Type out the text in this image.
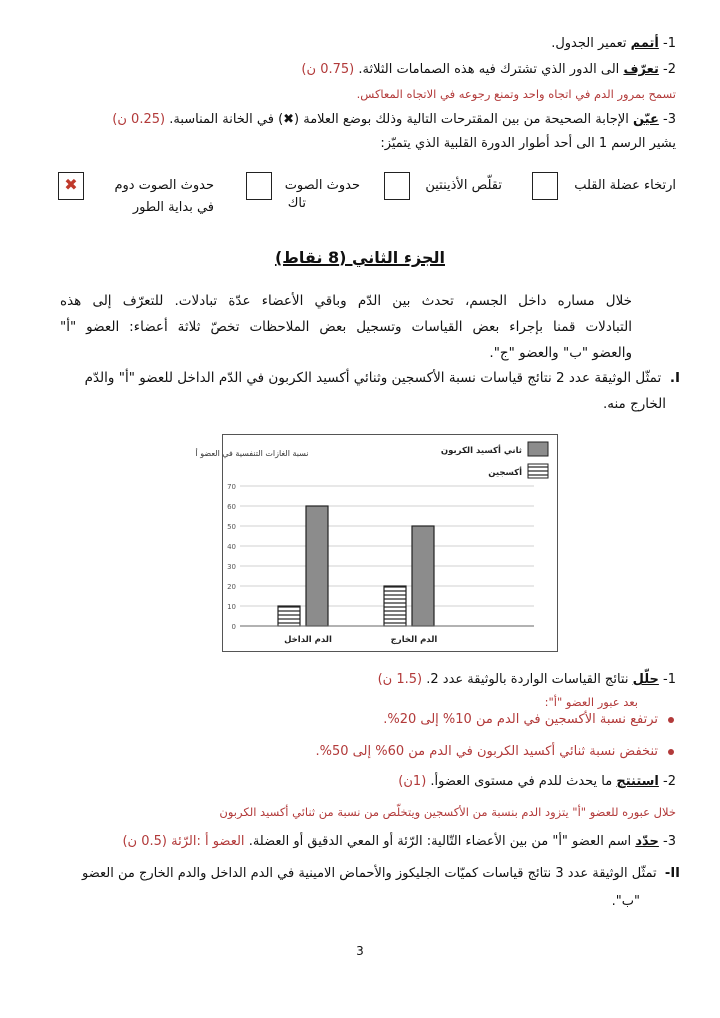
1- أتمم تعمير الجدول.
2- تعرّف الى الدور الذي تشترك فيه هذه الصمامات الثلاثة. (0.75 ن)
تسمح بمرور الدم في اتجاه واحد وتمنع رجوعه في الاتجاه المعاكس.
3- عيّن الإجابة الصحيحة من بين المقترحات التالية وذلك بوضع العلامة (✖) في الخانة المناسبة. (0.25 ن)
يشير الرسم 1 الى أحد أطوار الدورة القلبية الذي يتميّز:
ارتخاء عضلة القلب
تقلّص الأذينتين
حدوث الصوت
تاك
حدوث الصوت دوم
في بداية الطور
✖
الجزء الثاني (8 نقاط)
خلال مساره داخل الجسم، تحدث بين الدّم وباقي الأعضاء عدّة تبادلات. للتعرّف إلى هذه
التبادلات قمنا بإجراء بعض القياسات وتسجيل بعض الملاحظات تخصّ ثلاثة أعضاء: العضو "أ"
والعضو "ب" والعضو "ج".
I.  تمثّل الوثيقة عدد 2 نتائج قياسات نسبة الأكسجين وثنائي أكسيد الكربون في الدّم الداخل للعضو "أ" والدّم
الخارج منه.
0
10
20
30
40
50
60
70
الدم الداخل	الدم الخارج
نسبة الغازات التنفسية في العضو أ	ثاني أكسيد الكربون
أكسجين
1- حلّل نتائج القياسات الواردة بالوثيقة عدد 2. (1.5 ن)
بعد عبور العضو "أ":
ترتفع نسبة الأكسجين في الدم من 10% إلى 20%.
تنخفض نسبة ثنائي أكسيد الكربون في الدم من 60% إلى 50%.
2- استنتج ما يحدث للدم في مستوى العضوأ. (1ن)
خلال عبوره للعضو "أ" يتزود الدم بنسبة من الأكسجين ويتخلّص من نسبة من ثنائي أكسيد الكربون
3- حدّد اسم العضو "أ" من بين الأعضاء التّالية: الرّئة أو المعي الدقيق أو العضلة. العضو أ :الرّئة (0.5 ن)
II-  تمثّل الوثيقة عدد 3 نتائج قياسات كميّات الجليكوز والأحماض الامينية في الدم الداخل والدم الخارج من العضو
"ب".
3
